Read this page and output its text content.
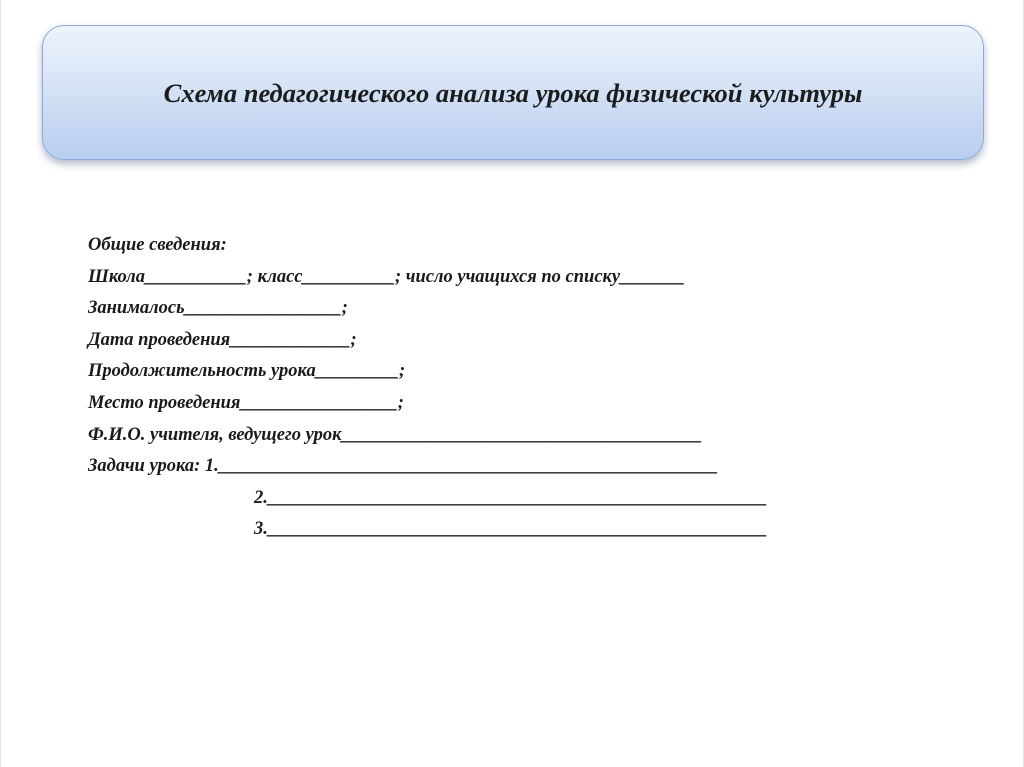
Схема педагогического анализа урока физической культуры
Общие сведения:
Школа___________; класс__________; число учащихся по списку_______
Занималось_________________;
Дата проведения_____________;
Продолжительность урока_________;
Место проведения_________________;
Ф.И.О. учителя, ведущего урок_______________________________________
Задачи урока: 1.______________________________________________________
2.______________________________________________________
3.______________________________________________________
